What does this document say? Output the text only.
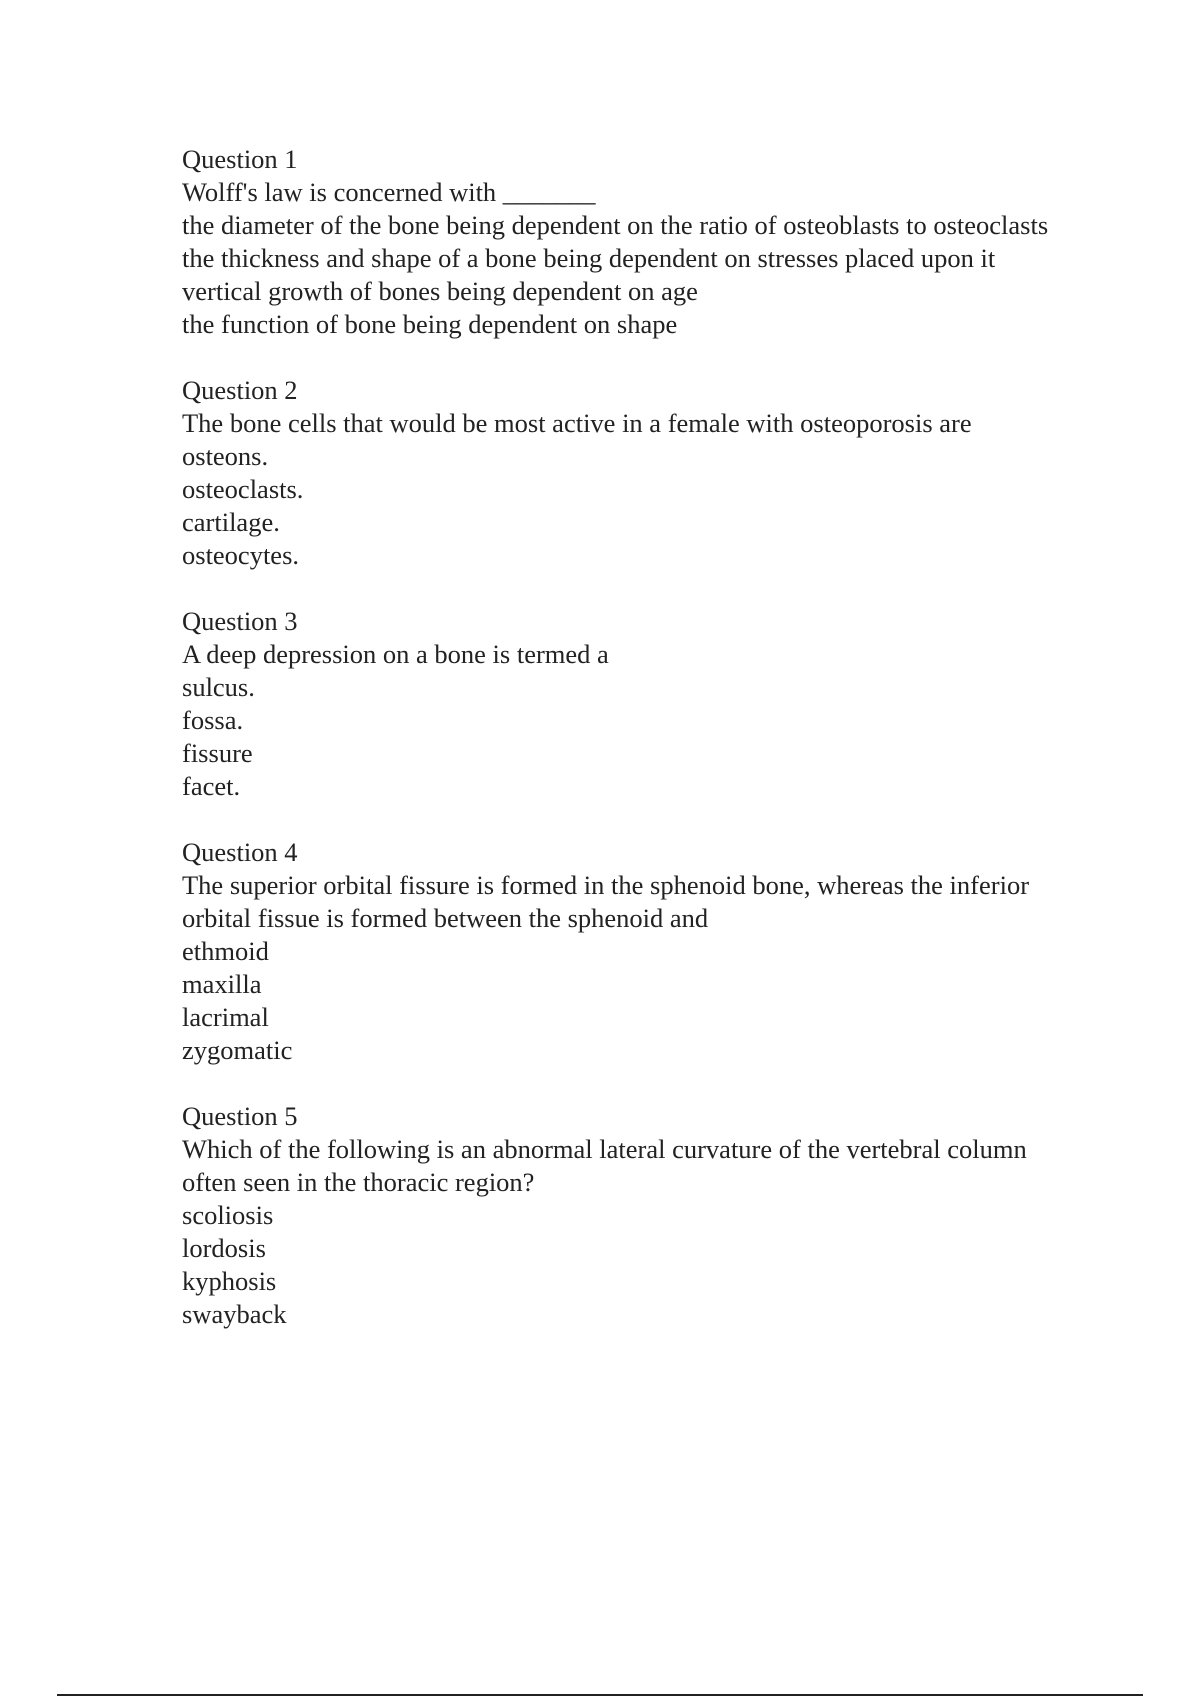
Question 1
Wolff's law is concerned with _______
the diameter of the bone being dependent on the ratio of osteoblasts to osteoclasts
the thickness and shape of a bone being dependent on stresses placed upon it
vertical growth of bones being dependent on age
the function of bone being dependent on shape
Question 2
The bone cells that would be most active in a female with osteoporosis are
osteons.
osteoclasts.
cartilage.
osteocytes.
Question 3
A deep depression on a bone is termed a
sulcus.
fossa.
fissure
facet.
Question 4
The superior orbital fissure is formed in the sphenoid bone, whereas the inferior orbital fissue is formed between the sphenoid and
ethmoid
maxilla
lacrimal
zygomatic
Question 5
Which of the following is an abnormal lateral curvature of the vertebral column often seen in the thoracic region?
scoliosis
lordosis
kyphosis
swayback
